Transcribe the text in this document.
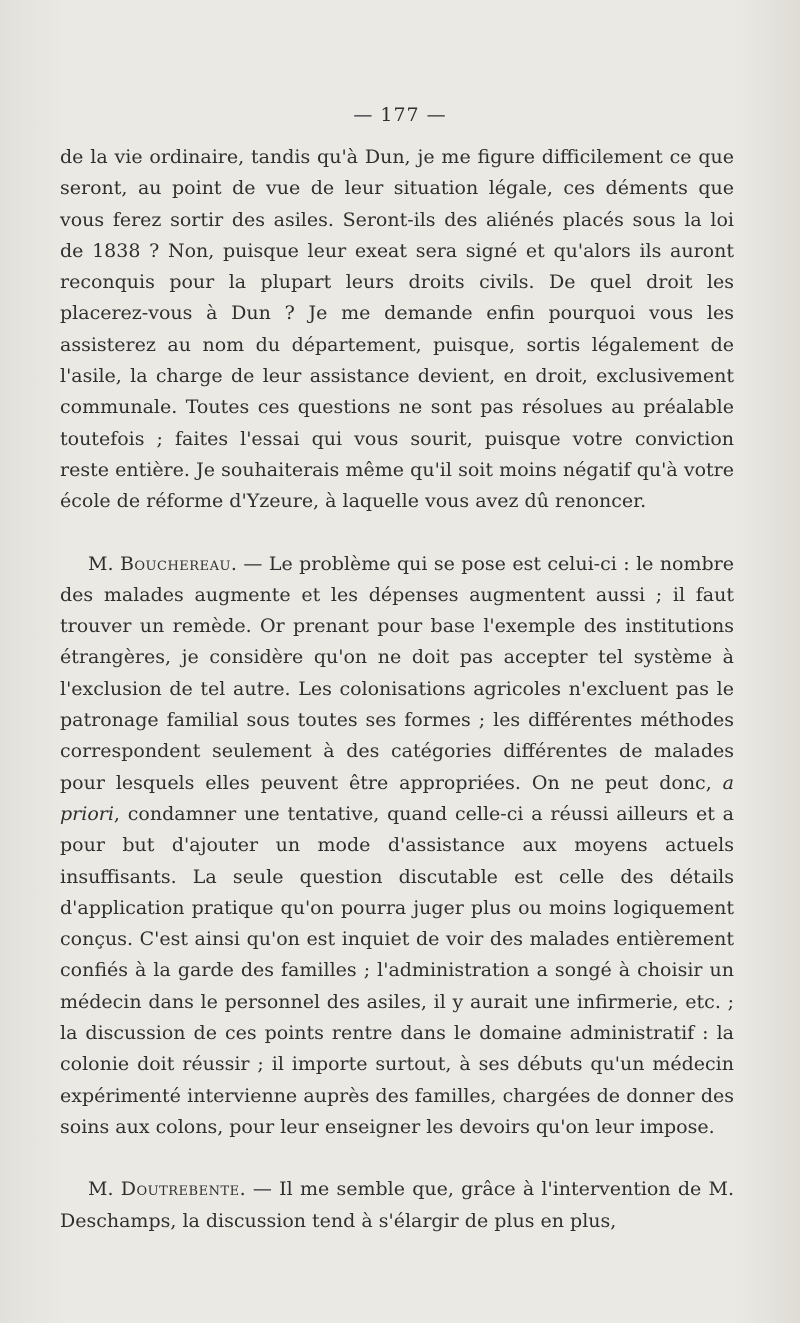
— 177 —

de la vie ordinaire, tandis qu'à Dun, je me figure difficilement ce que seront, au point de vue de leur situation légale, ces déments que vous ferez sortir des asiles. Seront-ils des aliénés placés sous la loi de 1838 ? Non, puisque leur exeat sera signé et qu'alors ils auront reconquis pour la plupart leurs droits civils. De quel droit les placerez-vous à Dun ? Je me demande enfin pourquoi vous les assisterez au nom du département, puisque, sortis légalement de l'asile, la charge de leur assistance devient, en droit, exclusivement communale. Toutes ces questions ne sont pas résolues au préalable toutefois ; faites l'essai qui vous sourit, puisque votre conviction reste entière. Je souhaiterais même qu'il soit moins négatif qu'à votre école de réforme d'Yzeure, à laquelle vous avez dû renoncer.

M. Bouchereau. — Le problème qui se pose est celui-ci : le nombre des malades augmente et les dépenses augmentent aussi ; il faut trouver un remède. Or prenant pour base l'exemple des institutions étrangères, je considère qu'on ne doit pas accepter tel système à l'exclusion de tel autre. Les colonisations agricoles n'excluent pas le patronage familial sous toutes ses formes ; les différentes méthodes correspondent seulement à des catégories différentes de malades pour lesquels elles peuvent être appropriées. On ne peut donc, a priori, condamner une tentative, quand celle-ci a réussi ailleurs et a pour but d'ajouter un mode d'assistance aux moyens actuels insuffisants. La seule question discutable est celle des détails d'application pratique qu'on pourra juger plus ou moins logiquement conçus. C'est ainsi qu'on est inquiet de voir des malades entièrement confiés à la garde des familles ; l'administration a songé à choisir un médecin dans le personnel des asiles, il y aurait une infirmerie, etc. ; la discussion de ces points rentre dans le domaine administratif : la colonie doit réussir ; il importe surtout, à ses débuts qu'un médecin expérimenté intervienne auprès des familles, chargées de donner des soins aux colons, pour leur enseigner les devoirs qu'on leur impose.

M. Doutrebente. — Il me semble que, grâce à l'intervention de M. Deschamps, la discussion tend à s'élargir de plus en plus,
